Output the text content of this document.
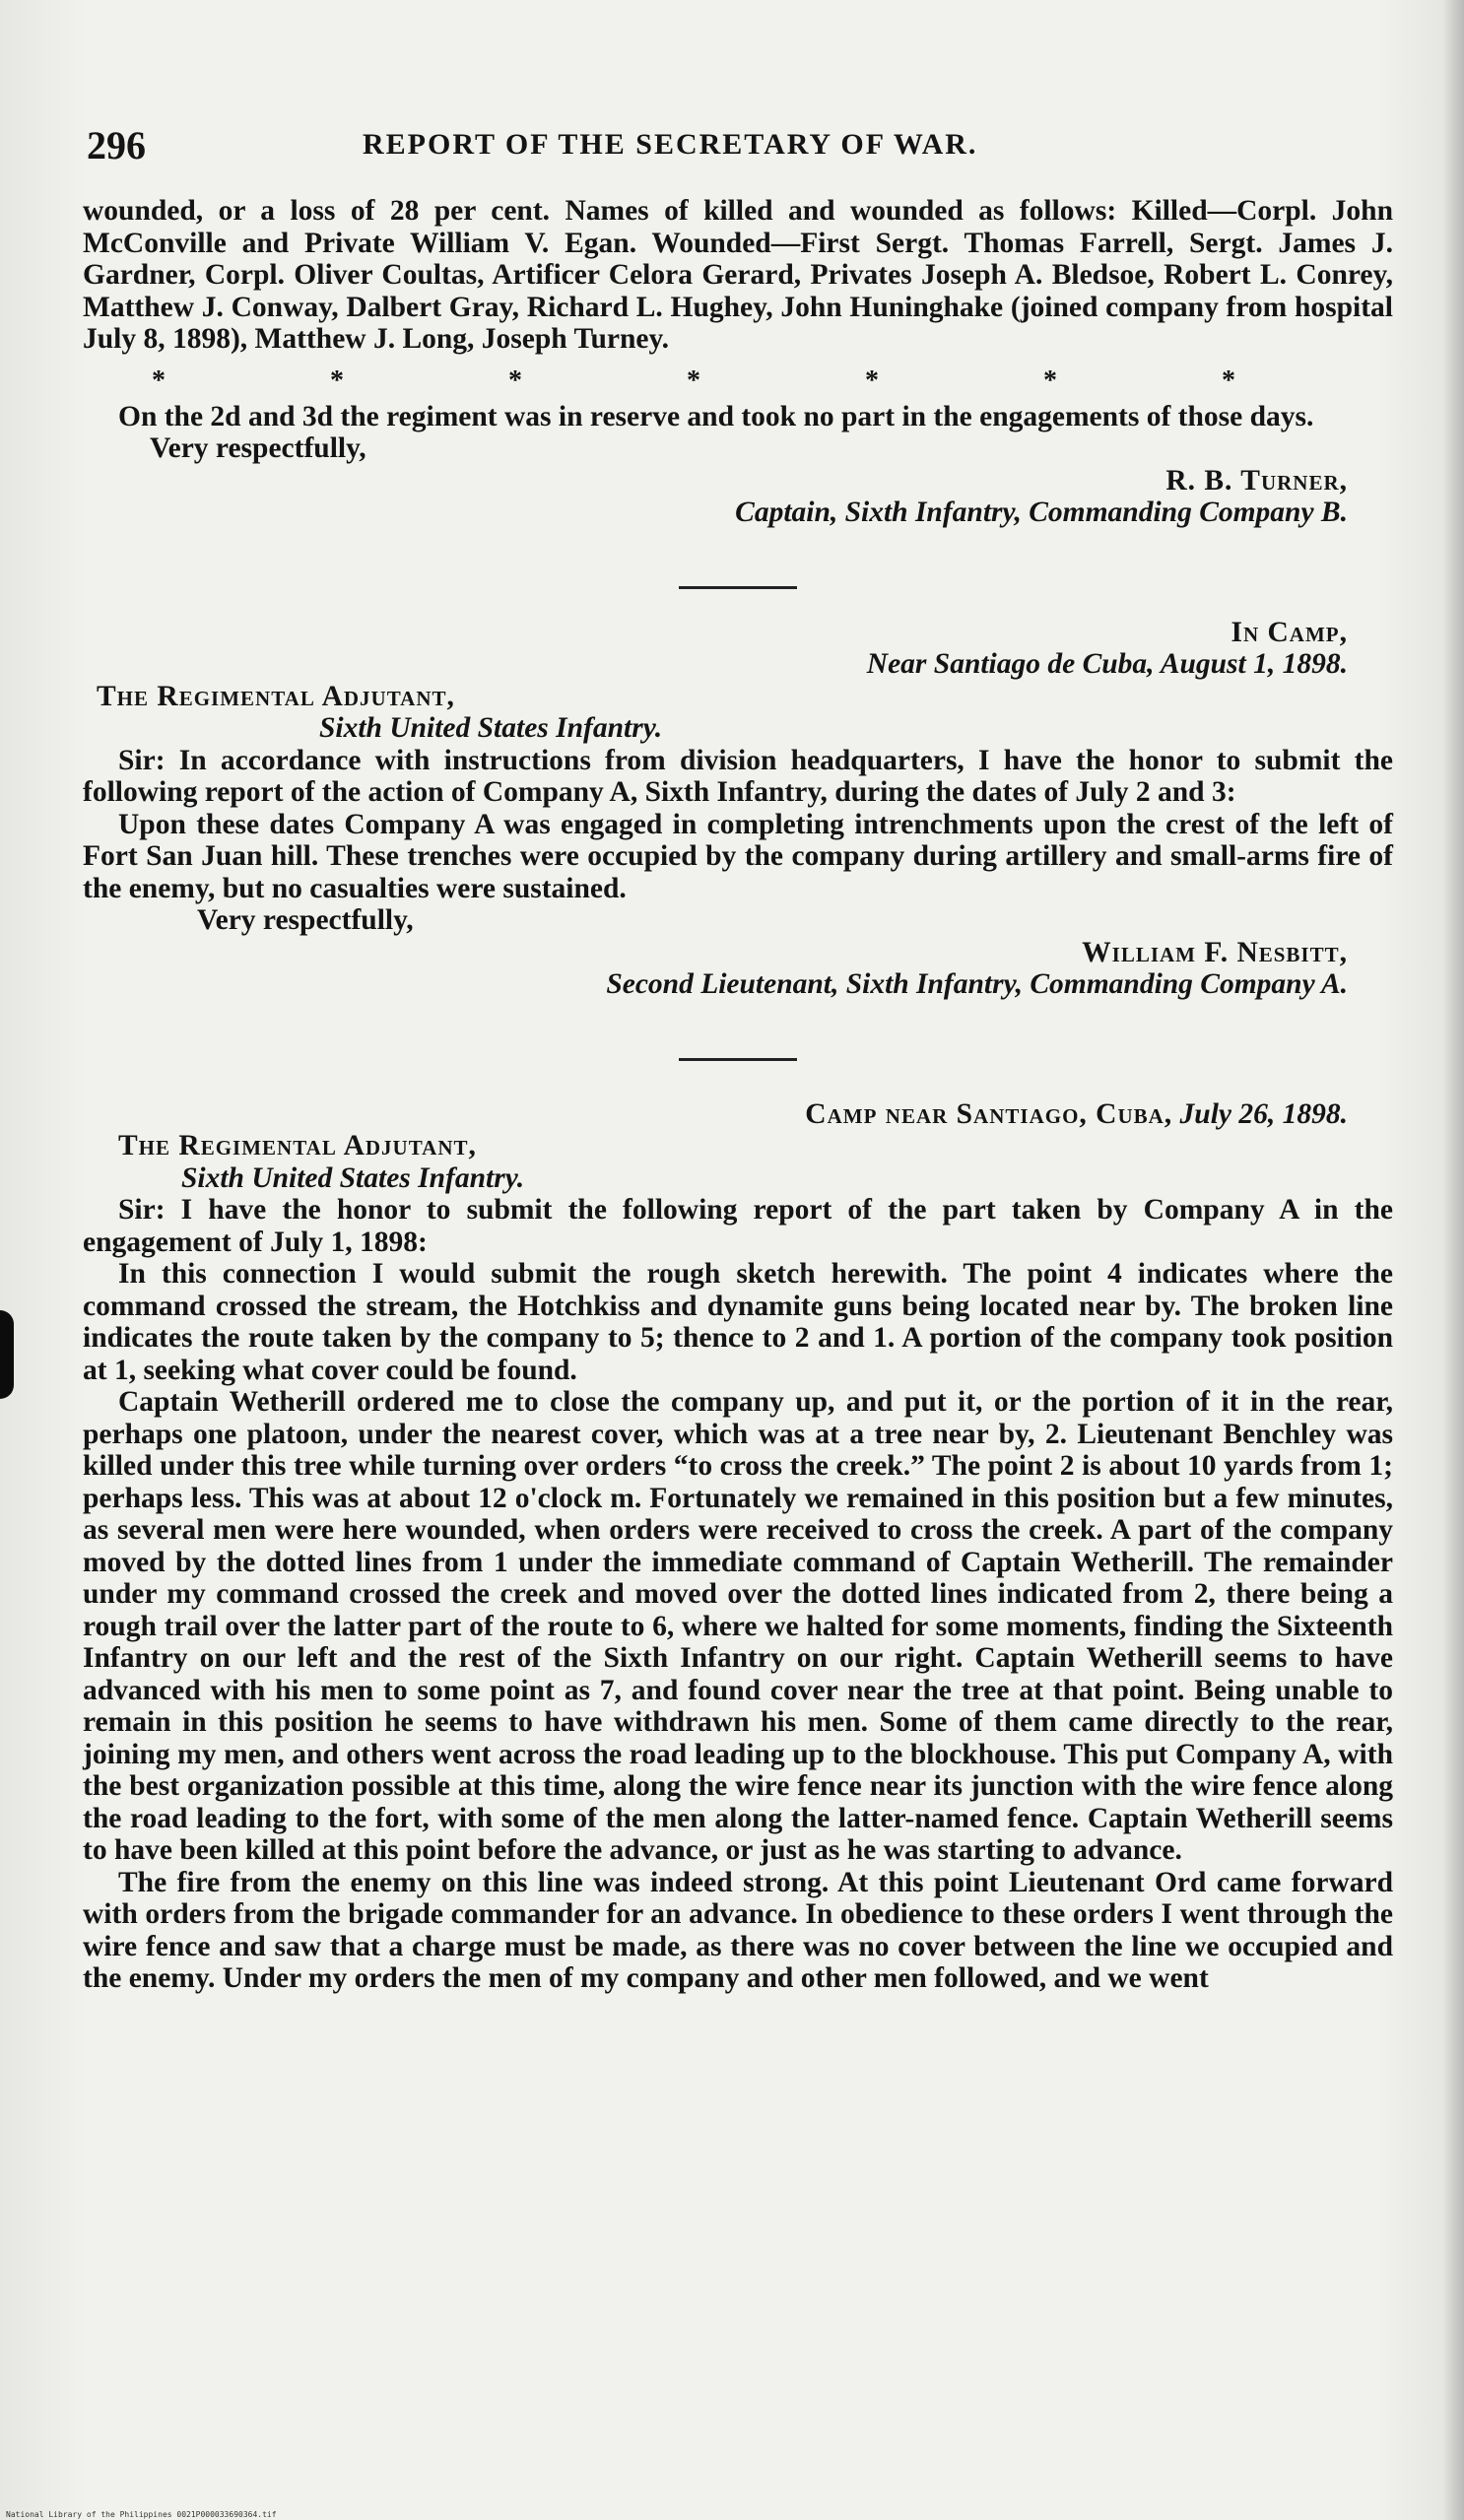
296	REPORT OF THE SECRETARY OF WAR.

wounded, or a loss of 28 per cent. Names of killed and wounded as follows: Killed—Corpl. John McConville and Private William V. Egan. Wounded—First Sergt. Thomas Farrell, Sergt. James J. Gardner, Corpl. Oliver Coultas, Artificer Celora Gerard, Privates Joseph A. Bledsoe, Robert L. Conrey, Matthew J. Conway, Dalbert Gray, Richard L. Hughey, John Huninghake (joined company from hospital July 8, 1898), Matthew J. Long, Joseph Turney.

* * * * * * *

On the 2d and 3d the regiment was in reserve and took no part in the engagements of those days.

Very respectfully,
R. B. Turner,
Captain, Sixth Infantry, Commanding Company B.
In Camp,
Near Santiago de Cuba, August 1, 1898.
The Regimental Adjutant,
Sixth United States Infantry.

Sir: In accordance with instructions from division headquarters, I have the honor to submit the following report of the action of Company A, Sixth Infantry, during the dates of July 2 and 3:

Upon these dates Company A was engaged in completing intrenchments upon the crest of the left of Fort San Juan hill. These trenches were occupied by the company during artillery and small-arms fire of the enemy, but no casualties were sustained.

Very respectfully,
William F. Nesbitt,
Second Lieutenant, Sixth Infantry, Commanding Company A.
Camp near Santiago, Cuba, July 26, 1898.
The Regimental Adjutant,
Sixth United States Infantry.

Sir: I have the honor to submit the following report of the part taken by Company A in the engagement of July 1, 1898:

In this connection I would submit the rough sketch herewith. The point 4 indicates where the command crossed the stream, the Hotchkiss and dynamite guns being located near by. The broken line indicates the route taken by the company to 5; thence to 2 and 1. A portion of the company took position at 1, seeking what cover could be found.

Captain Wetherill ordered me to close the company up, and put it, or the portion of it in the rear, perhaps one platoon, under the nearest cover, which was at a tree near by, 2. Lieutenant Benchley was killed under this tree while turning over orders “to cross the creek.” The point 2 is about 10 yards from 1; perhaps less. This was at about 12 o'clock m. Fortunately we remained in this position but a few minutes, as several men were here wounded, when orders were received to cross the creek. A part of the company moved by the dotted lines from 1 under the immediate command of Captain Wetherill. The remainder under my command crossed the creek and moved over the dotted lines indicated from 2, there being a rough trail over the latter part of the route to 6, where we halted for some moments, finding the Sixteenth Infantry on our left and the rest of the Sixth Infantry on our right. Captain Wetherill seems to have advanced with his men to some point as 7, and found cover near the tree at that point. Being unable to remain in this position he seems to have withdrawn his men. Some of them came directly to the rear, joining my men, and others went across the road leading up to the blockhouse. This put Company A, with the best organization possible at this time, along the wire fence near its junction with the wire fence along the road leading to the fort, with some of the men along the latter-named fence. Captain Wetherill seems to have been killed at this point before the advance, or just as he was starting to advance.

The fire from the enemy on this line was indeed strong. At this point Lieutenant Ord came forward with orders from the brigade commander for an advance. In obedience to these orders I went through the wire fence and saw that a charge must be made, as there was no cover between the line we occupied and the enemy. Under my orders the men of my company and other men followed, and we went

National Library of the Philippines 0021P000033690364.tif
